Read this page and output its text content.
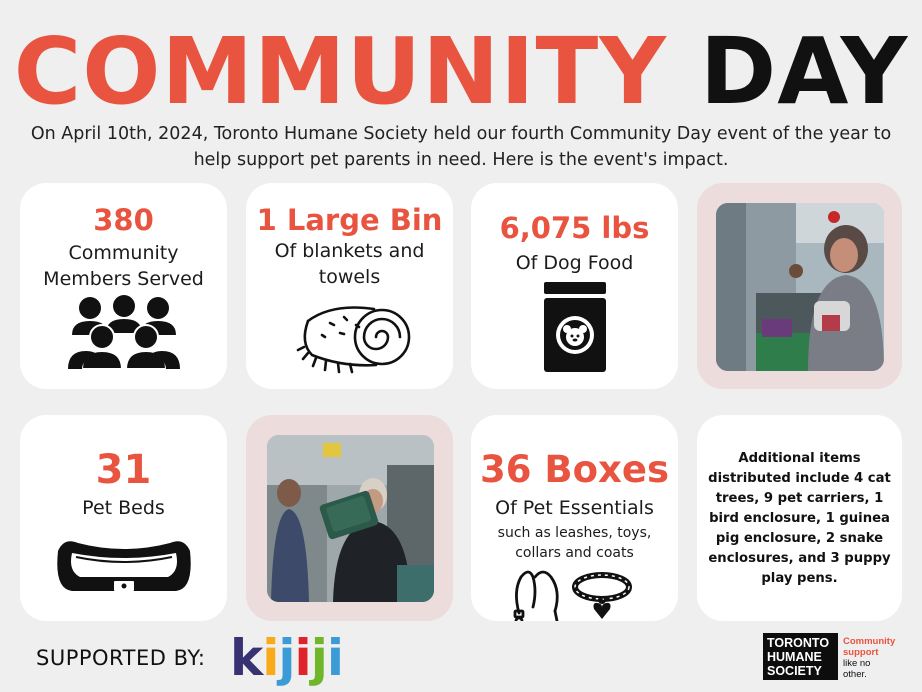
COMMUNITY DAY
On April 10th, 2024, Toronto Humane Society held our fourth Community Day event of the year to help support pet parents in need. Here is the event's impact.
380
Community Members Served
1 Large Bin
Of blankets and towels
6,075 lbs
Of Dog Food
31
Pet Beds
36 Boxes
Of Pet Essentials
such as leashes, toys, collars and coats
Additional items distributed include 4 cat trees, 9 pet carriers, 1 bird enclosure, 1 guinea pig enclosure, 2 snake enclosures, and 3 puppy play pens.
SUPPORTED BY: kijiji	TORONTO
HUMANE
SOCIETY
Community
support
like no
other.
